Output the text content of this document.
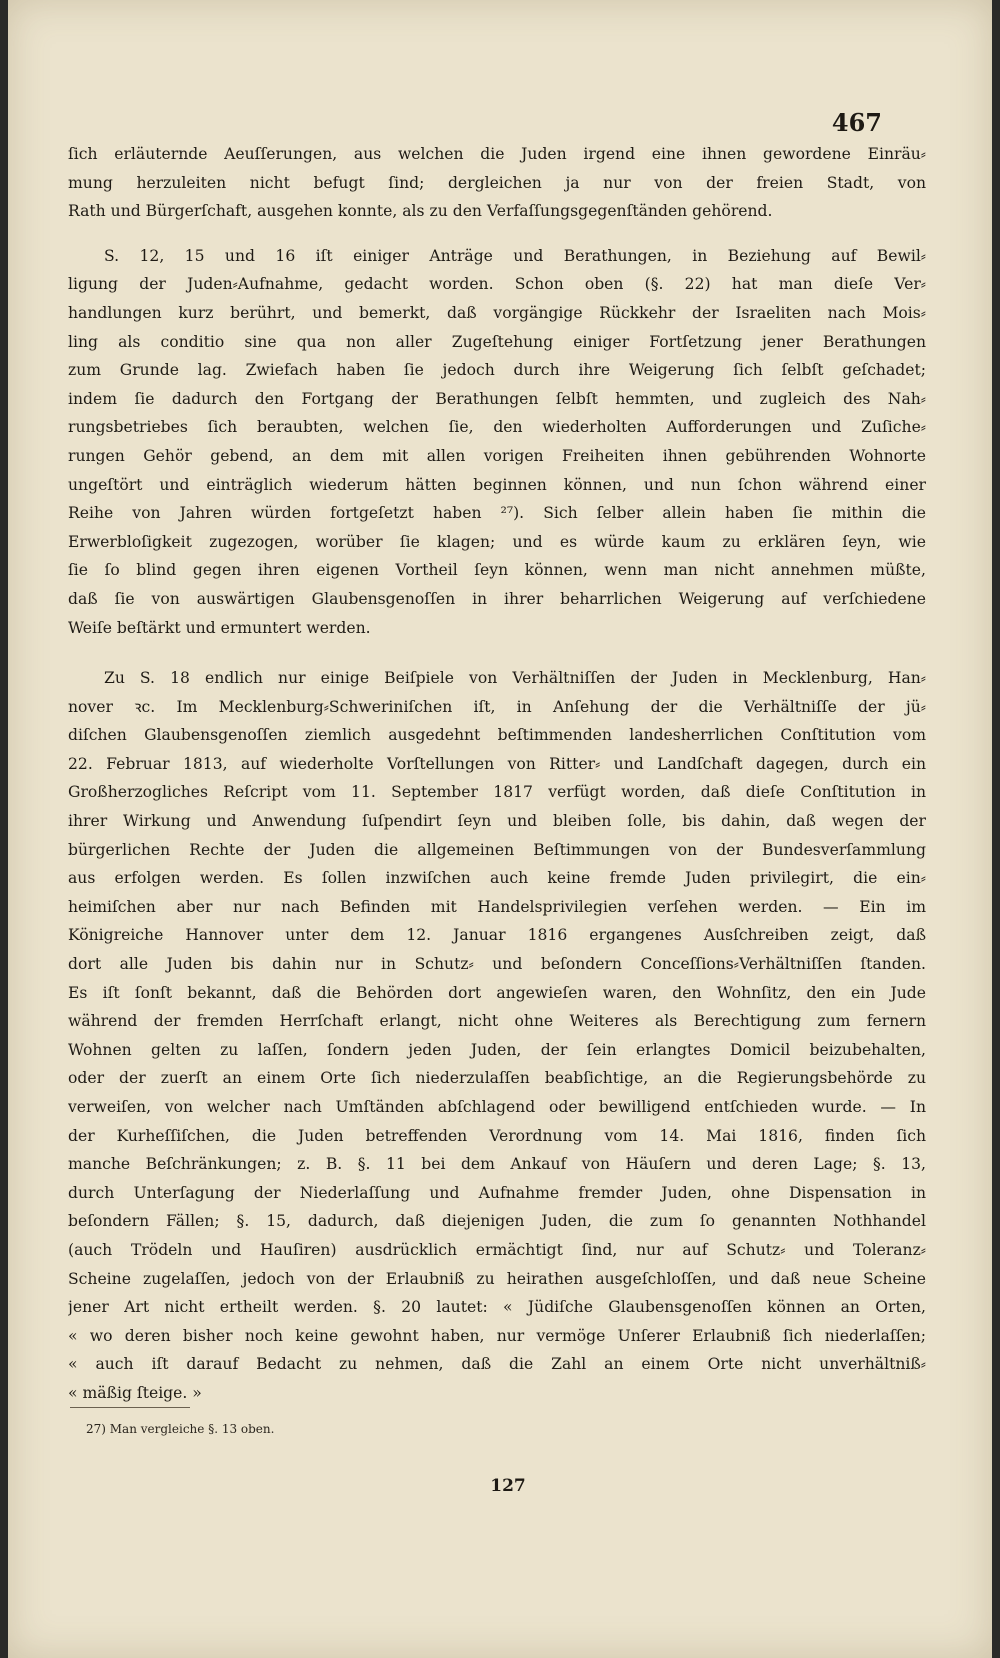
467
ſich erläuternde Aeuſſerungen, aus welchen die Juden irgend eine ihnen gewordene Einräu⸗
mung herzuleiten nicht befugt ſind; dergleichen ja nur von der freien Stadt, von
Rath und Bürgerſchaft, ausgehen konnte, als zu den Verfaſſungsgegenſtänden gehörend.
S. 12, 15 und 16 iſt einiger Anträge und Berathungen, in Beziehung auf Bewil⸗
ligung der Juden⸗Aufnahme, gedacht worden. Schon oben (§. 22) hat man dieſe Ver⸗
handlungen kurz berührt, und bemerkt, daß vorgängige Rückkehr der Israeliten nach Mois⸗
ling als conditio sine qua non aller Zugeſtehung einiger Fortſetzung jener Berathungen
zum Grunde lag. Zwiefach haben ſie jedoch durch ihre Weigerung ſich ſelbſt geſchadet;
indem ſie dadurch den Fortgang der Berathungen ſelbſt hemmten, und zugleich des Nah⸗
rungsbetriebes ſich beraubten, welchen ſie, den wiederholten Aufforderungen und Zuſiche⸗
rungen Gehör gebend, an dem mit allen vorigen Freiheiten ihnen gebührenden Wohnorte
ungeſtört und einträglich wiederum hätten beginnen können, und nun ſchon während einer
Reihe von Jahren würden fortgeſetzt haben ²⁷). Sich ſelber allein haben ſie mithin die
Erwerbloſigkeit zugezogen, worüber ſie klagen; und es würde kaum zu erklären ſeyn, wie
ſie ſo blind gegen ihren eigenen Vortheil ſeyn können, wenn man nicht annehmen müßte,
daß ſie von auswärtigen Glaubensgenoſſen in ihrer beharrlichen Weigerung auf verſchiedene
Weiſe beſtärkt und ermuntert werden.
Zu S. 18 endlich nur einige Beiſpiele von Verhältniſſen der Juden in Mecklenburg, Han⸗
nover ꝛc. Im Mecklenburg⸗Schweriniſchen iſt, in Anſehung der die Verhältniſſe der jü⸗
diſchen Glaubensgenoſſen ziemlich ausgedehnt beſtimmenden landesherrlichen Conſtitution vom
22. Februar 1813, auf wiederholte Vorſtellungen von Ritter⸗ und Landſchaft dagegen, durch ein
Großherzogliches Reſcript vom 11. September 1817 verfügt worden, daß dieſe Conſtitution in
ihrer Wirkung und Anwendung ſuſpendirt ſeyn und bleiben ſolle, bis dahin, daß wegen der
bürgerlichen Rechte der Juden die allgemeinen Beſtimmungen von der Bundesverſammlung
aus erfolgen werden. Es ſollen inzwiſchen auch keine fremde Juden privilegirt, die ein⸗
heimiſchen aber nur nach Befinden mit Handelsprivilegien verſehen werden. — Ein im
Königreiche Hannover unter dem 12. Januar 1816 ergangenes Ausſchreiben zeigt, daß
dort alle Juden bis dahin nur in Schutz⸗ und beſondern Conceſſions⸗Verhältniſſen ſtanden.
Es iſt ſonſt bekannt, daß die Behörden dort angewieſen waren, den Wohnſitz, den ein Jude
während der fremden Herrſchaft erlangt, nicht ohne Weiteres als Berechtigung zum fernern
Wohnen gelten zu laſſen, ſondern jeden Juden, der ſein erlangtes Domicil beizubehalten,
oder der zuerſt an einem Orte ſich niederzulaſſen beabſichtige, an die Regierungsbehörde zu
verweiſen, von welcher nach Umſtänden abſchlagend oder bewilligend entſchieden wurde. — In
der Kurheſſiſchen, die Juden betreffenden Verordnung vom 14. Mai 1816, finden ſich
manche Beſchränkungen; z. B. §. 11 bei dem Ankauf von Häuſern und deren Lage; §. 13,
durch Unterſagung der Niederlaſſung und Aufnahme fremder Juden, ohne Dispensation in
beſondern Fällen; §. 15, dadurch, daß diejenigen Juden, die zum ſo genannten Nothhandel
(auch Trödeln und Hauſiren) ausdrücklich ermächtigt ſind, nur auf Schutz⸗ und Toleranz⸗
Scheine zugelaſſen, jedoch von der Erlaubniß zu heirathen ausgeſchloſſen, und daß neue Scheine
jener Art nicht ertheilt werden. §. 20 lautet: « Jüdiſche Glaubensgenoſſen können an Orten,
« wo deren bisher noch keine gewohnt haben, nur vermöge Unſerer Erlaubniß ſich niederlaſſen;
« auch iſt darauf Bedacht zu nehmen, daß die Zahl an einem Orte nicht unverhältniß⸗
« mäßig ſteige. »
27) Man vergleiche §. 13 oben.
127
